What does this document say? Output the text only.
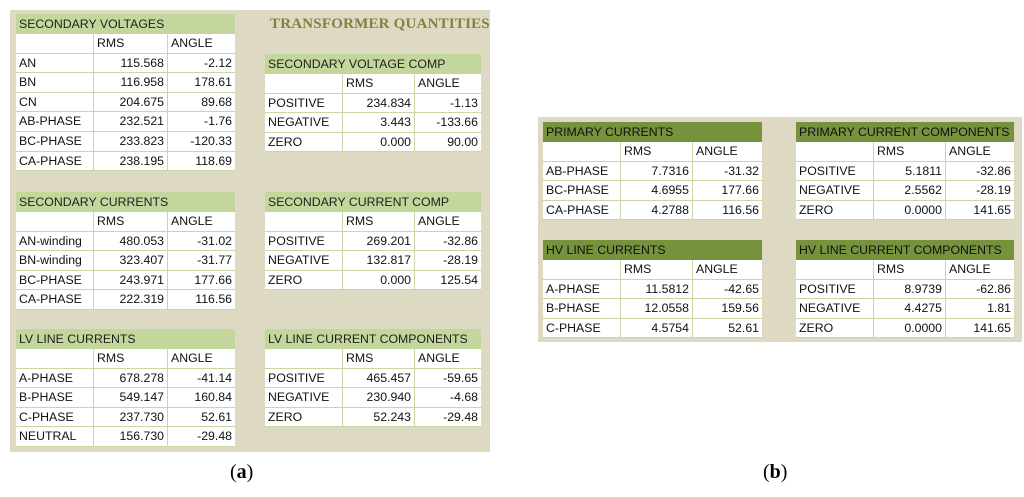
TRANSFORMER QUANTITIES
(a)	(b)
SECONDARY VOLTAGES
RMS	ANGLE
AN	115.568	-2.12
BN	116.958	178.61
CN	204.675	89.68
AB-PHASE	232.521	-1.76
BC-PHASE	233.823	-120.33
CA-PHASE	238.195	118.69
SECONDARY VOLTAGE COMP
RMS	ANGLE
POSITIVE	234.834	-1.13
NEGATIVE	3.443	-133.66
ZERO	0.000	90.00
SECONDARY CURRENTS
RMS	ANGLE
AN-winding	480.053	-31.02
BN-winding	323.407	-31.77
BC-PHASE	243.971	177.66
CA-PHASE	222.319	116.56
SECONDARY CURRENT COMP
RMS	ANGLE
POSITIVE	269.201	-32.86
NEGATIVE	132.817	-28.19
ZERO	0.000	125.54
LV LINE CURRENTS
RMS	ANGLE
A-PHASE	678.278	-41.14
B-PHASE	549.147	160.84
C-PHASE	237.730	52.61
NEUTRAL	156.730	-29.48
LV LINE CURRENT COMPONENTS
RMS	ANGLE
POSITIVE	465.457	-59.65
NEGATIVE	230.940	-4.68
ZERO	52.243	-29.48
PRIMARY CURRENTS
RMS	ANGLE
AB-PHASE	7.7316	-31.32
BC-PHASE	4.6955	177.66
CA-PHASE	4.2788	116.56
PRIMARY CURRENT COMPONENTS
RMS	ANGLE
POSITIVE	5.1811	-32.86
NEGATIVE	2.5562	-28.19
ZERO	0.0000	141.65
HV LINE CURRENTS
RMS	ANGLE
A-PHASE	11.5812	-42.65
B-PHASE	12.0558	159.56
C-PHASE	4.5754	52.61
HV LINE CURRENT COMPONENTS
RMS	ANGLE
POSITIVE	8.9739	-62.86
NEGATIVE	4.4275	1.81
ZERO	0.0000	141.65
